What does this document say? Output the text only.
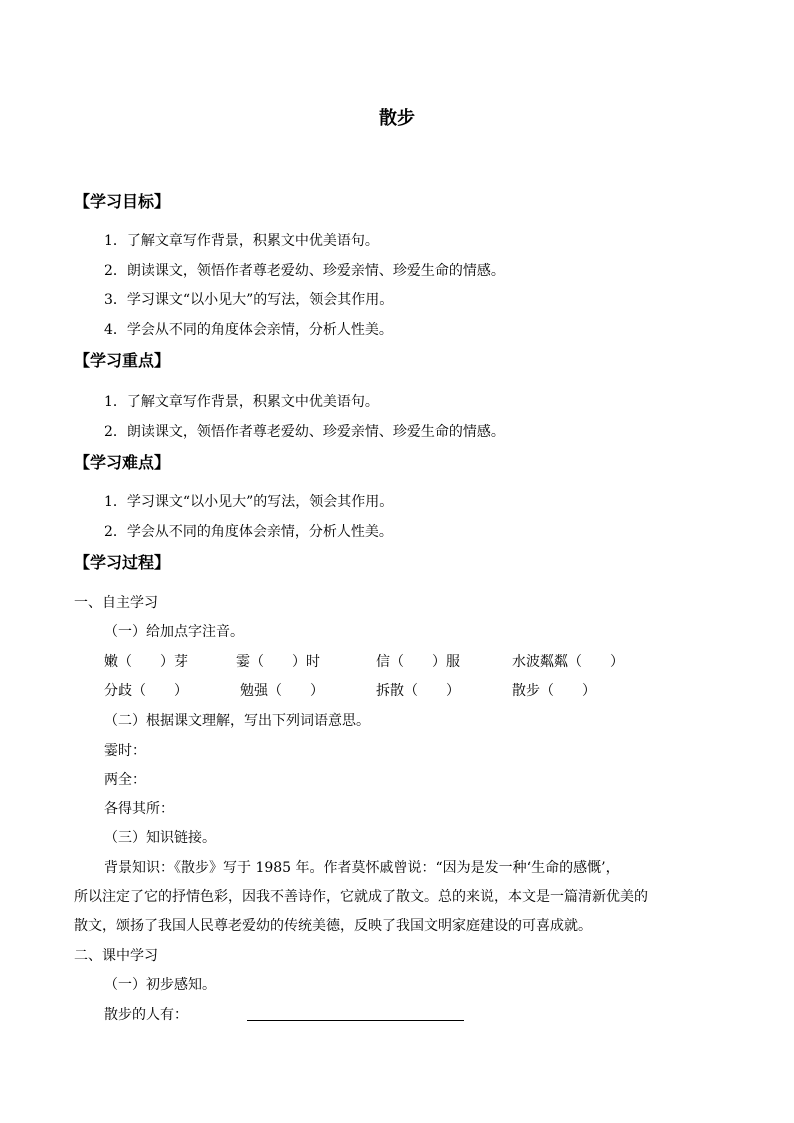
散步
【学习目标】
1．了解文章写作背景，积累文中优美语句。
2．朗读课文，领悟作者尊老爱幼、珍爱亲情、珍爱生命的情感。
3．学习课文“以小见大”的写法，领会其作用。
4．学会从不同的角度体会亲情，分析人性美。
【学习重点】
1．了解文章写作背景，积累文中优美语句。
2．朗读课文，领悟作者尊老爱幼、珍爱亲情、珍爱生命的情感。
【学习难点】
1．学习课文“以小见大”的写法，领会其作用。
2．学会从不同的角度体会亲情，分析人性美。
【学习过程】
一、自主学习
（一）给加点字注音。
嫩（　　）芽	霎（　　）时	信（　　）服	水波粼粼（　　）
分歧（　　）	勉强（　　）	拆散（　　）	散步（　　）
（二）根据课文理解，写出下列词语意思。
霎时：
两全：
各得其所：
（三）知识链接。
背景知识：《散步》写于 1985 年。作者莫怀戚曾说：“因为是发一种‘生命的感慨’，
所以注定了它的抒情色彩，因我不善诗作，它就成了散文。总的来说，本文是一篇清新优美的
散文，颂扬了我国人民尊老爱幼的传统美德，反映了我国文明家庭建设的可喜成就。
二、课中学习
（一）初步感知。
散步的人有：
